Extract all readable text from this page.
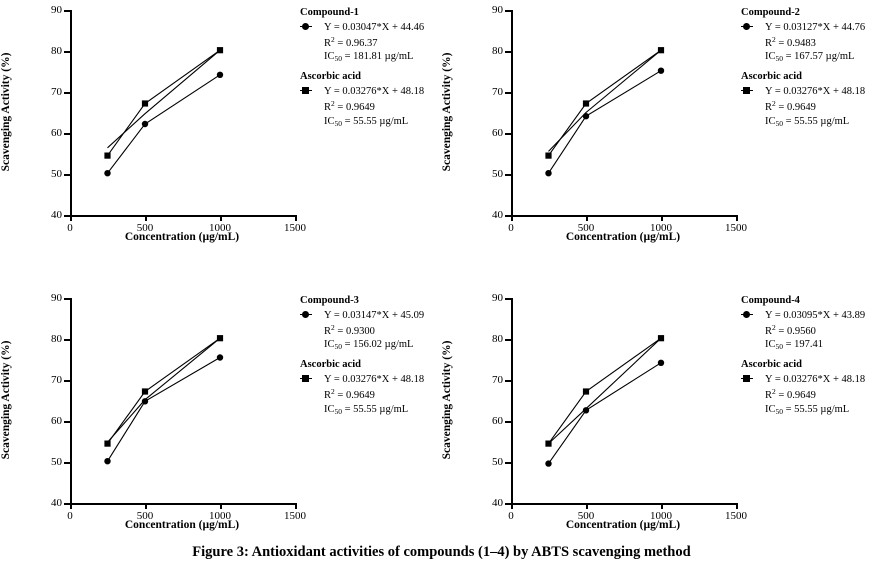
40
50
60
70
80
90
0	500	1000	1500
Scavenging Activity (%)
Concentration (µg/mL)
Compound-1
Y = 0.03047*X + 44.46
$R^2 = 0.96.37$
$IC_{50} = 181.81$ µg/mL
Ascorbic acid
Y = 0.03276*X + 48.18
$R^2 = 0.9649$
$IC_{50} = 55.55$ µg/mL
40
50
60
70
80
90
0	500	1000	1500
Scavenging Activity (%)
Concentration (µg/mL)
Compound-2
Y = 0.03127*X + 44.76
$R^2 = 0.9483$
$IC_{50} = 167.57$ µg/mL
Ascorbic acid
Y = 0.03276*X + 48.18
$R^2 = 0.9649$
$IC_{50} = 55.55$ µg/mL
40
50
60
70
80
90
0	500	1000	1500
Scavenging Activity (%)
Concentration (µg/mL)
Compound-3
Y = 0.03147*X + 45.09
$R^2 = 0.9300$
$IC_{50} = 156.02$ µg/mL
Ascorbic acid
Y = 0.03276*X + 48.18
$R^2 = 0.9649$
$IC_{50} = 55.55$ µg/mL
40
50
60
70
80
90
0	500	1000	1500
Scavenging Activity (%)
Concentration (µg/mL)
Compound-4
Y = 0.03095*X + 43.89
$R^2 = 0.9560$
$IC_{50} = 197.41$
Ascorbic acid
Y = 0.03276*X + 48.18
$R^2 = 0.9649$
$IC_{50} = 55.55$ µg/mL
Figure 3: Antioxidant activities of compounds (1–4) by ABTS scavenging method
